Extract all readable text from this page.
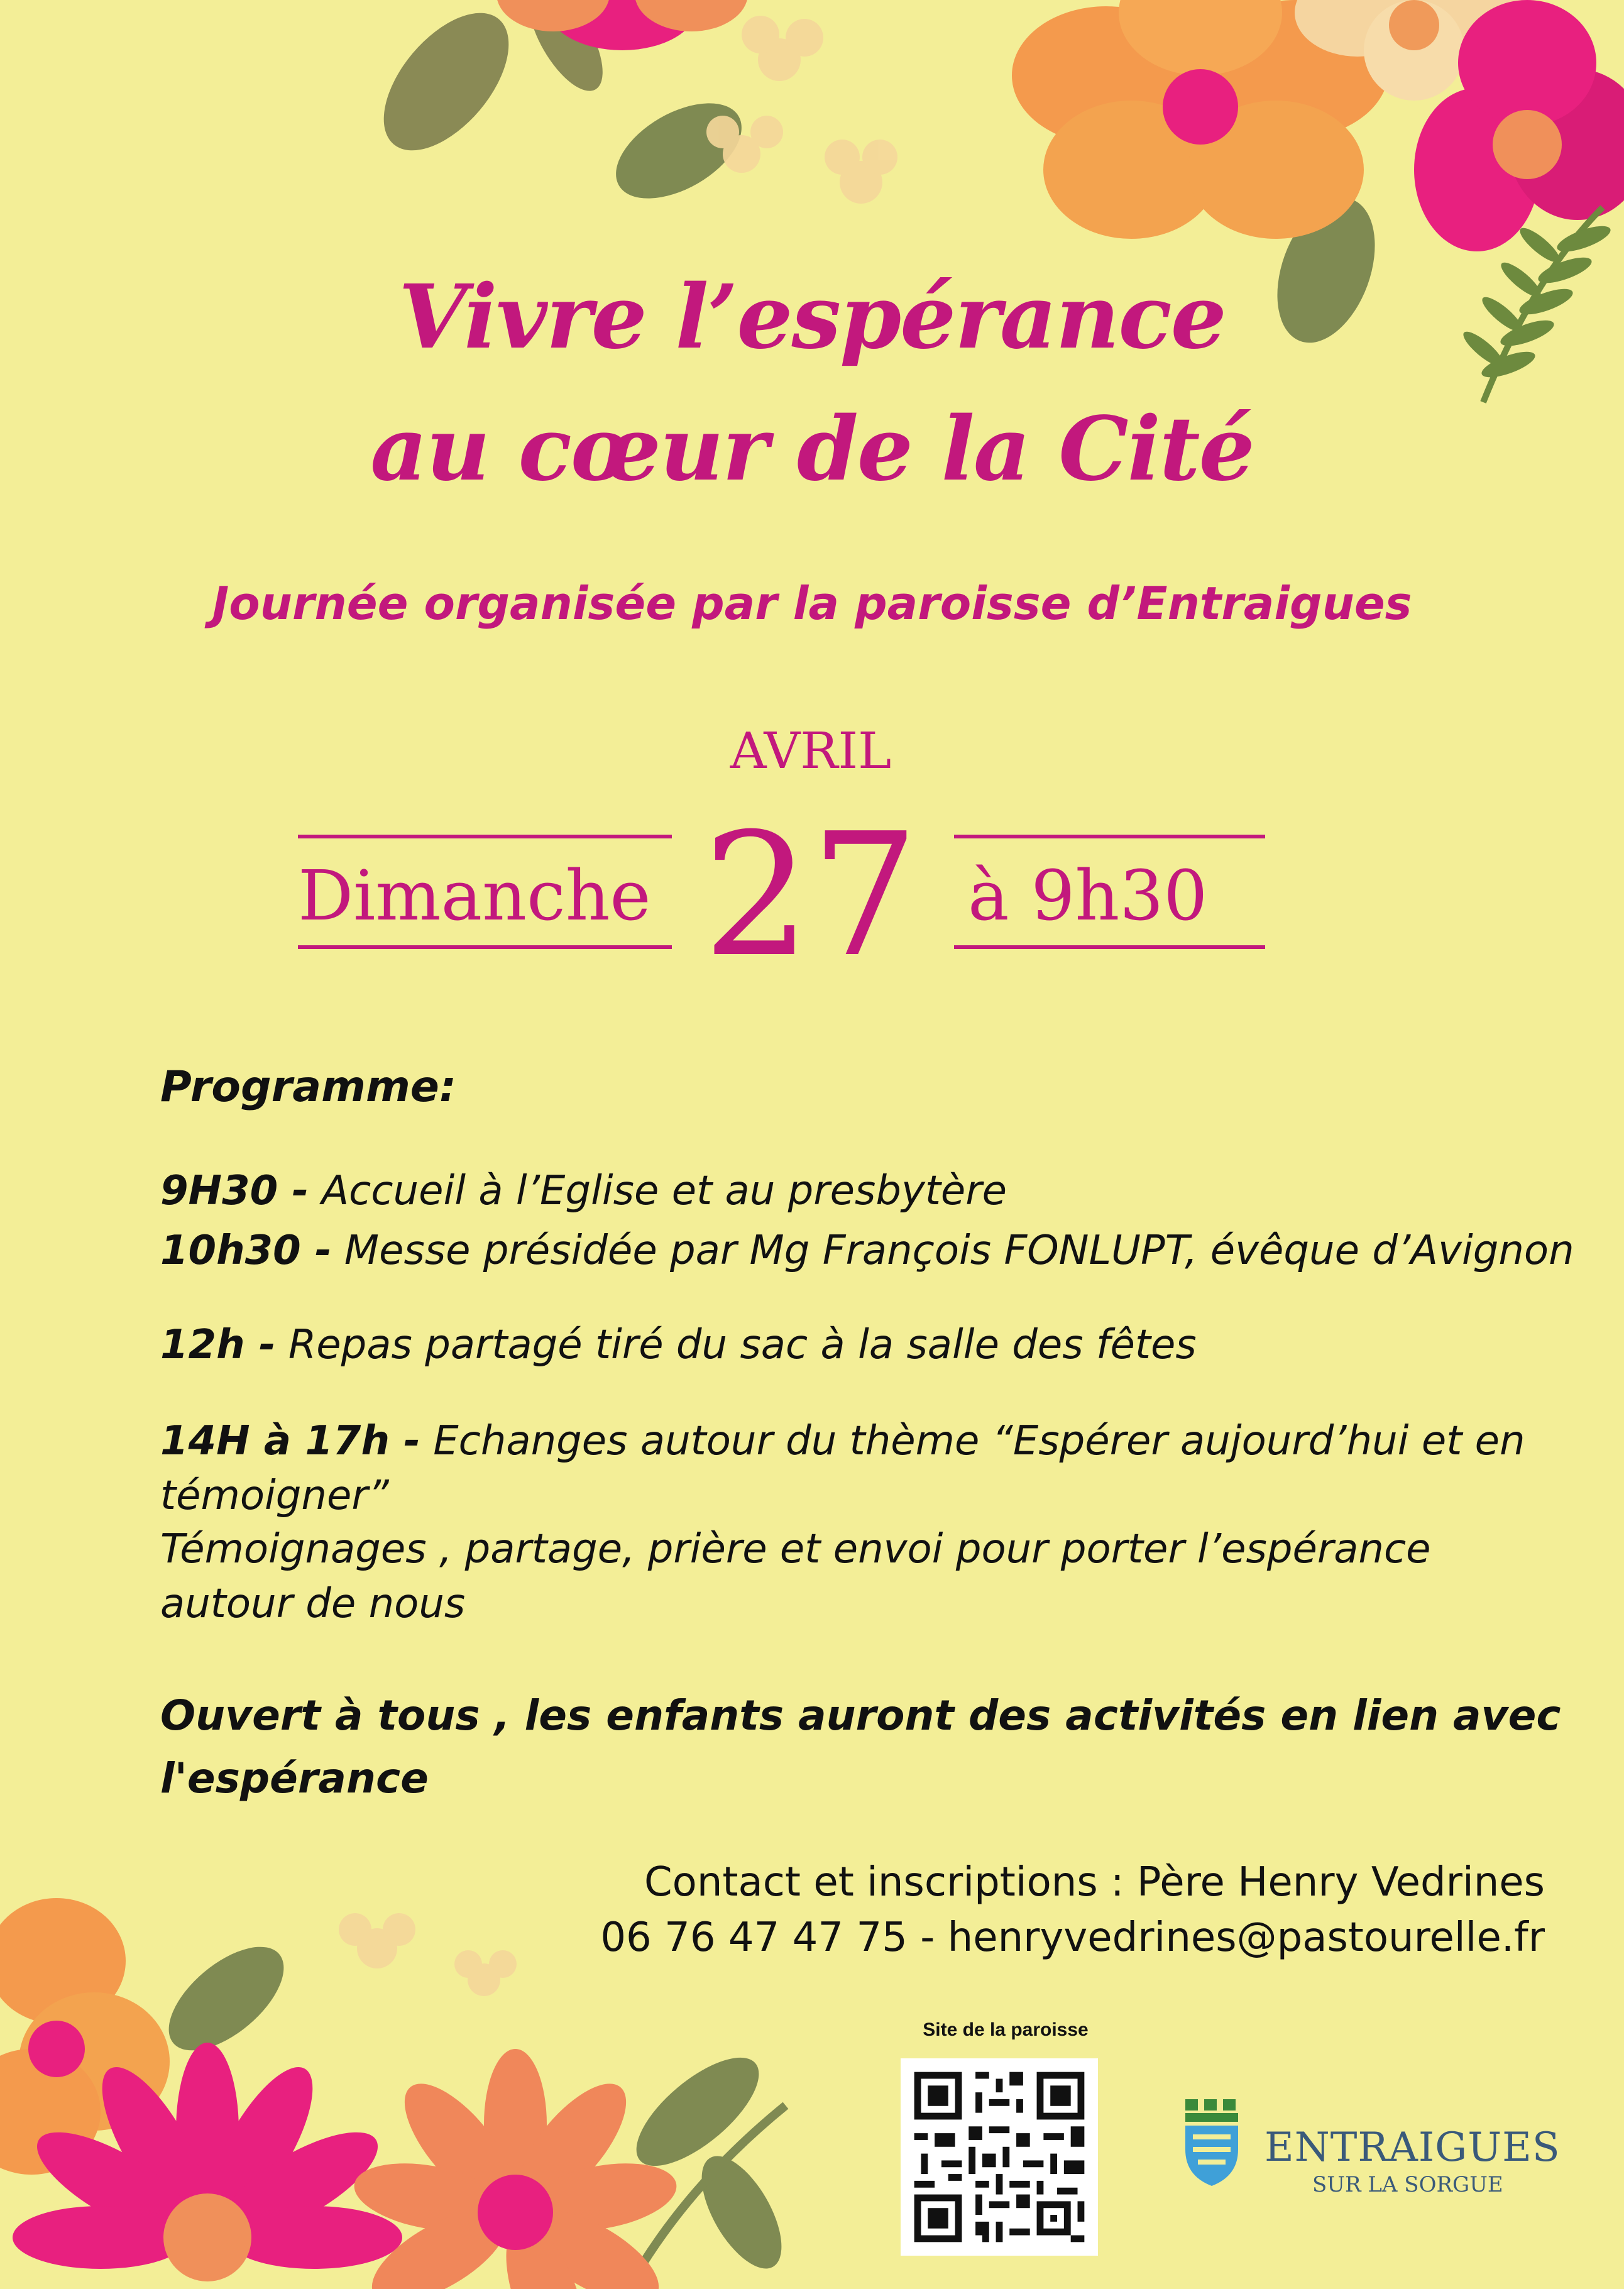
Vivre l’espérance
au cœur de la Cité

Journée organisée par la paroisse d’Entraigues

AVRIL
Dimanche 27 à 9h30
Programme:
9H30 - Accueil à l’Eglise et au presbytère
10h30 - Messe présidée par Mg François FONLUPT, évêque d’Avignon
12h - Repas partagé tiré du sac à la salle des fêtes
14H à 17h - Echanges autour du thème “Espérer aujourd’hui et en
témoigner”
Témoignages , partage, prière et envoi pour porter l’espérance
autour de nous
Ouvert à tous , les enfants auront des activités en lien avec
l'espérance
Contact et inscriptions : Père Henry Vedrines
06 76 47 47 75 - henryvedrines@pastourelle.fr
Site de la paroisse
ENTRAIGUES
SUR LA SORGUE
